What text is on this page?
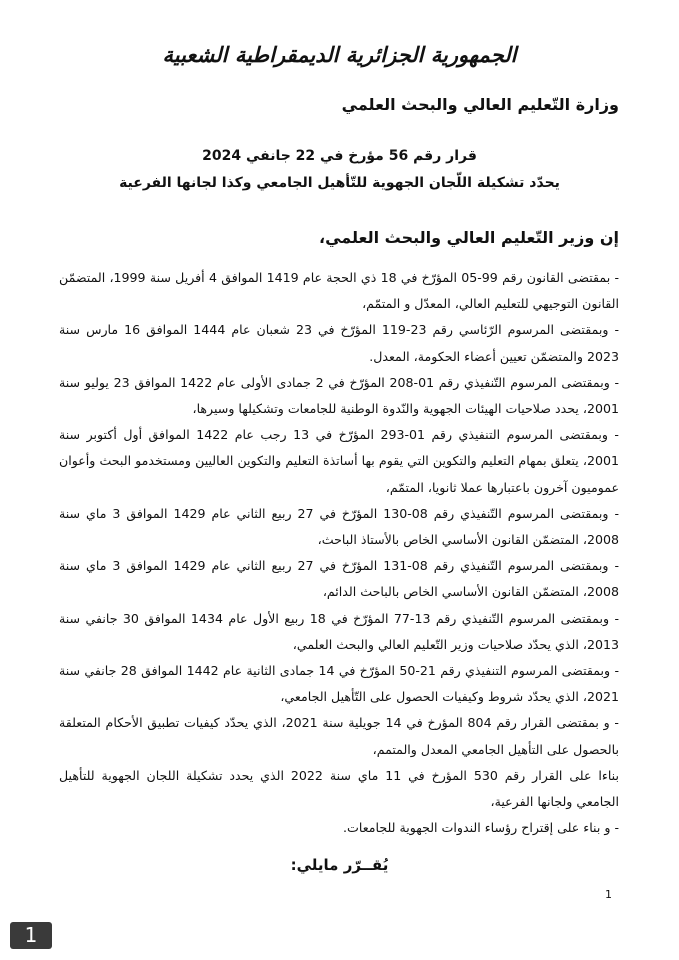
الجمهورية الجزائرية الديمقراطية الشعبية
وزارة التّعليم العالي والبحث العلمي
قرار رقم 56 مؤرخ في 22 جانفي 2024
يحدّد تشكيلة اللّجان الجهوية للتّأهيل الجامعي وكذا لجانها الفرعية
إن وزير التّعليم العالي والبحث العلمي،

- بمقتضى القانون رقم 99-05 المؤرّخ في 18 ذي الحجة عام 1419 الموافق 4 أفريل سنة 1999، المتضمّن القانون التوجيهي للتعليم العالي، المعدّل و المتمّم،

- وبمقتضى المرسوم الرّئاسي رقم 23-119 المؤرّخ في 23 شعبان عام 1444 الموافق 16 مارس سنة 2023 والمتضمّن تعيين أعضاء الحكومة، المعدل.

- وبمقتضى المرسوم التّنفيذي رقم 01-208 المؤرّخ في 2 جمادى الأولى عام 1422 الموافق 23 يوليو سنة 2001، يحدد صلاحيات الهيئات الجهوية والنّدوة الوطنية للجامعات وتشكيلها وسيرها،

- وبمقتضى المرسوم التنفيذي رقم 01-293 المؤرّخ في 13 رجب عام 1422 الموافق أول أكتوبر سنة 2001، يتعلق بمهام التعليم والتكوين التي يقوم بها أساتذة التعليم والتكوين العاليين ومستخدمو البحث وأعوان عموميون آخرون باعتبارها عملا ثانويا، المتمّم،

- وبمقتضى المرسوم التّنفيذي رقم 08-130 المؤرّخ في 27 ربيع الثاني عام 1429 الموافق 3 ماي سنة 2008، المتضمّن القانون الأساسي الخاص بالأستاذ الباحث،

- وبمقتضى المرسوم التّنفيذي رقم 08-131 المؤرّخ في 27 ربيع الثاني عام 1429 الموافق 3 ماي سنة 2008، المتضمّن القانون الأساسي الخاص بالباحث الدائم،

- وبمقتضى المرسوم التّنفيذي رقم 13-77 المؤرّخ في 18 ربيع الأول عام 1434 الموافق 30 جانفي سنة 2013، الذي يحدّد صلاحيات وزير التّعليم العالي والبحث العلمي،

- وبمقتضى المرسوم التنفيذي رقم 21-50 المؤرّخ في 14 جمادى الثانية عام 1442 الموافق 28 جانفي سنة 2021، الذي يحدّد شروط وكيفيات الحصول على التّأهيل الجامعي،

- و بمقتضى القرار رقم 804 المؤرخ في 14 جويلية سنة 2021، الذي يحدّد كيفيات تطبيق الأحكام المتعلقة بالحصول على التأهيل الجامعي المعدل والمتمم،

بناءا على القرار رقم 530 المؤرخ في 11 ماي سنة 2022 الذي يحدد تشكيلة اللجان الجهوية للتأهيل الجامعي ولجانها الفرعية،

- و بناء على إقتراح رؤساء الندوات الجهوية للجامعات.

يُقــرّر مايلي:
1
1
